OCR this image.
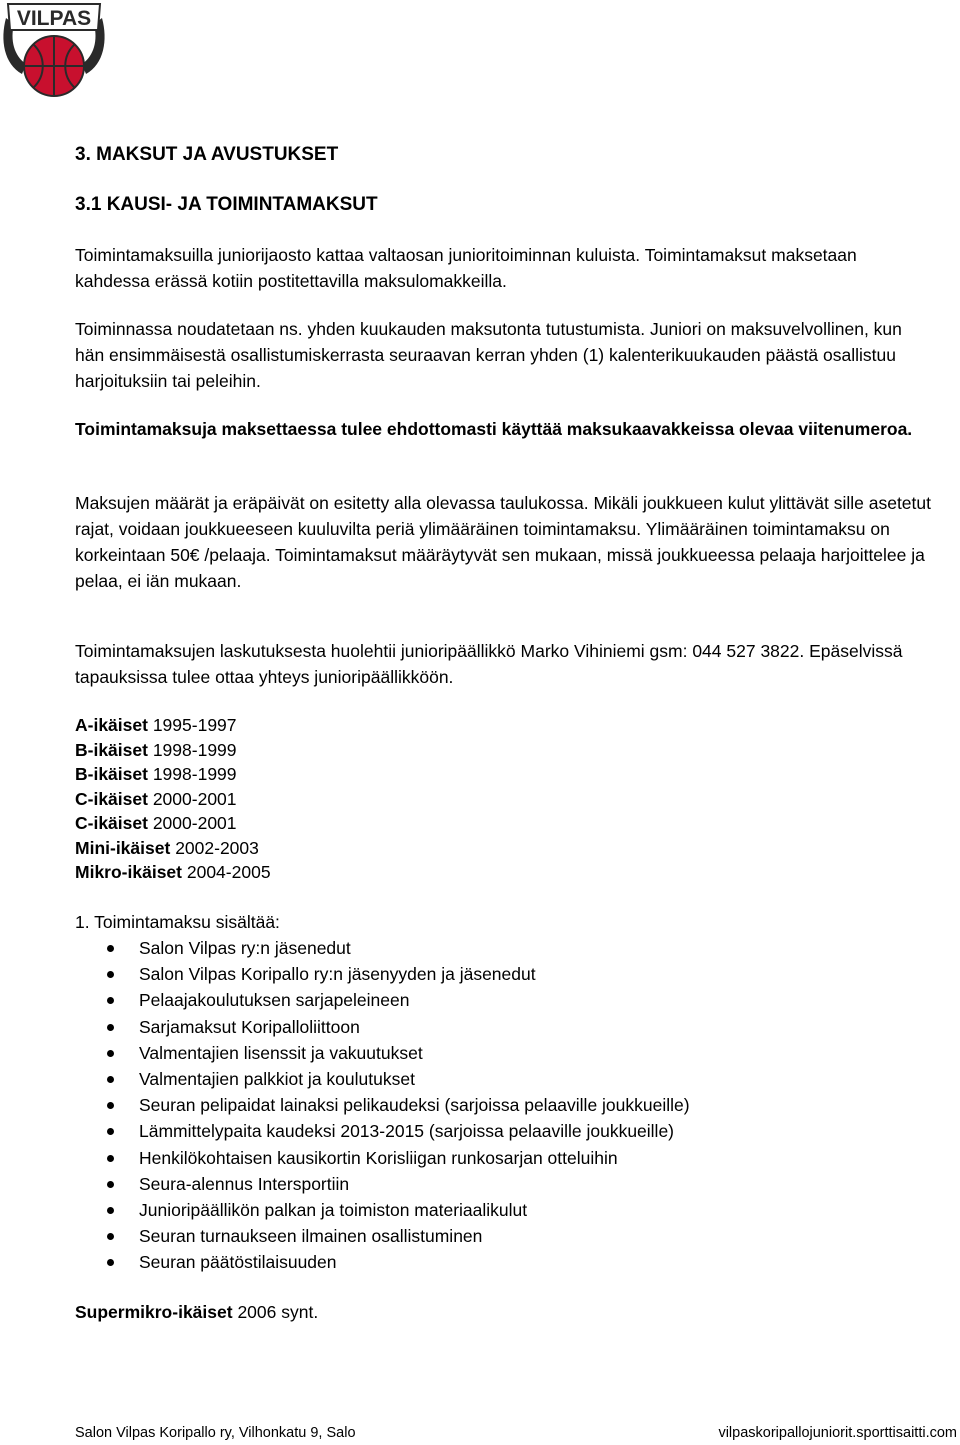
VILPAS
3. MAKSUT JA AVUSTUKSET
3.1 KAUSI- JA TOIMINTAMAKSUT
Toimintamaksuilla juniorijaosto kattaa valtaosan junioritoiminnan kuluista. Toimintamaksut maksetaan kahdessa erässä kotiin postitettavilla maksulomakkeilla.
Toiminnassa noudatetaan ns. yhden kuukauden maksutonta tutustumista. Juniori on maksuvelvollinen, kun hän ensimmäisestä osallistumiskerrasta seuraavan kerran yhden (1) kalenterikuukauden päästä osallistuu harjoituksiin tai peleihin.
Toimintamaksuja maksettaessa tulee ehdottomasti käyttää maksukaavakkeissa olevaa viitenumeroa.
Maksujen määrät ja eräpäivät on esitetty alla olevassa taulukossa. Mikäli joukkueen kulut ylittävät sille asetetut rajat, voidaan joukkueeseen kuuluvilta periä ylimääräinen toimintamaksu. Ylimääräinen toimintamaksu on korkeintaan 50€ /pelaaja. Toimintamaksut määräytyvät sen mukaan, missä joukkueessa pelaaja harjoittelee ja pelaa, ei iän mukaan.
Toimintamaksujen laskutuksesta huolehtii junioripäällikkö Marko Vihiniemi gsm: 044 527 3822. Epäselvissä tapauksissa tulee ottaa yhteys junioripäällikköön.
A-ikäiset 1995-1997
B-ikäiset 1998-1999
B-ikäiset 1998-1999
C-ikäiset 2000-2001
C-ikäiset 2000-2001
Mini-ikäiset 2002-2003
Mikro-ikäiset 2004-2005
1. Toimintamaksu sisältää:
Salon Vilpas ry:n jäsenedut
Salon Vilpas Koripallo ry:n jäsenyyden ja jäsenedut
Pelaajakoulutuksen sarjapeleineen
Sarjamaksut Koripalloliittoon
Valmentajien lisenssit ja vakuutukset
Valmentajien palkkiot ja koulutukset
Seuran pelipaidat lainaksi pelikaudeksi (sarjoissa pelaaville joukkueille)
Lämmittelypaita kaudeksi 2013-2015 (sarjoissa pelaaville joukkueille)
Henkilökohtaisen kausikortin Korisliigan runkosarjan otteluihin
Seura-alennus Intersportiin
Junioripäällikön palkan ja toimiston materiaalikulut
Seuran turnaukseen ilmainen osallistuminen
Seuran päätöstilaisuuden
Supermikro-ikäiset 2006 synt.
Salon Vilpas Koripallo ry, Vilhonkatu 9, Salo	vilpaskoripallojuniorit.sporttisaitti.com
